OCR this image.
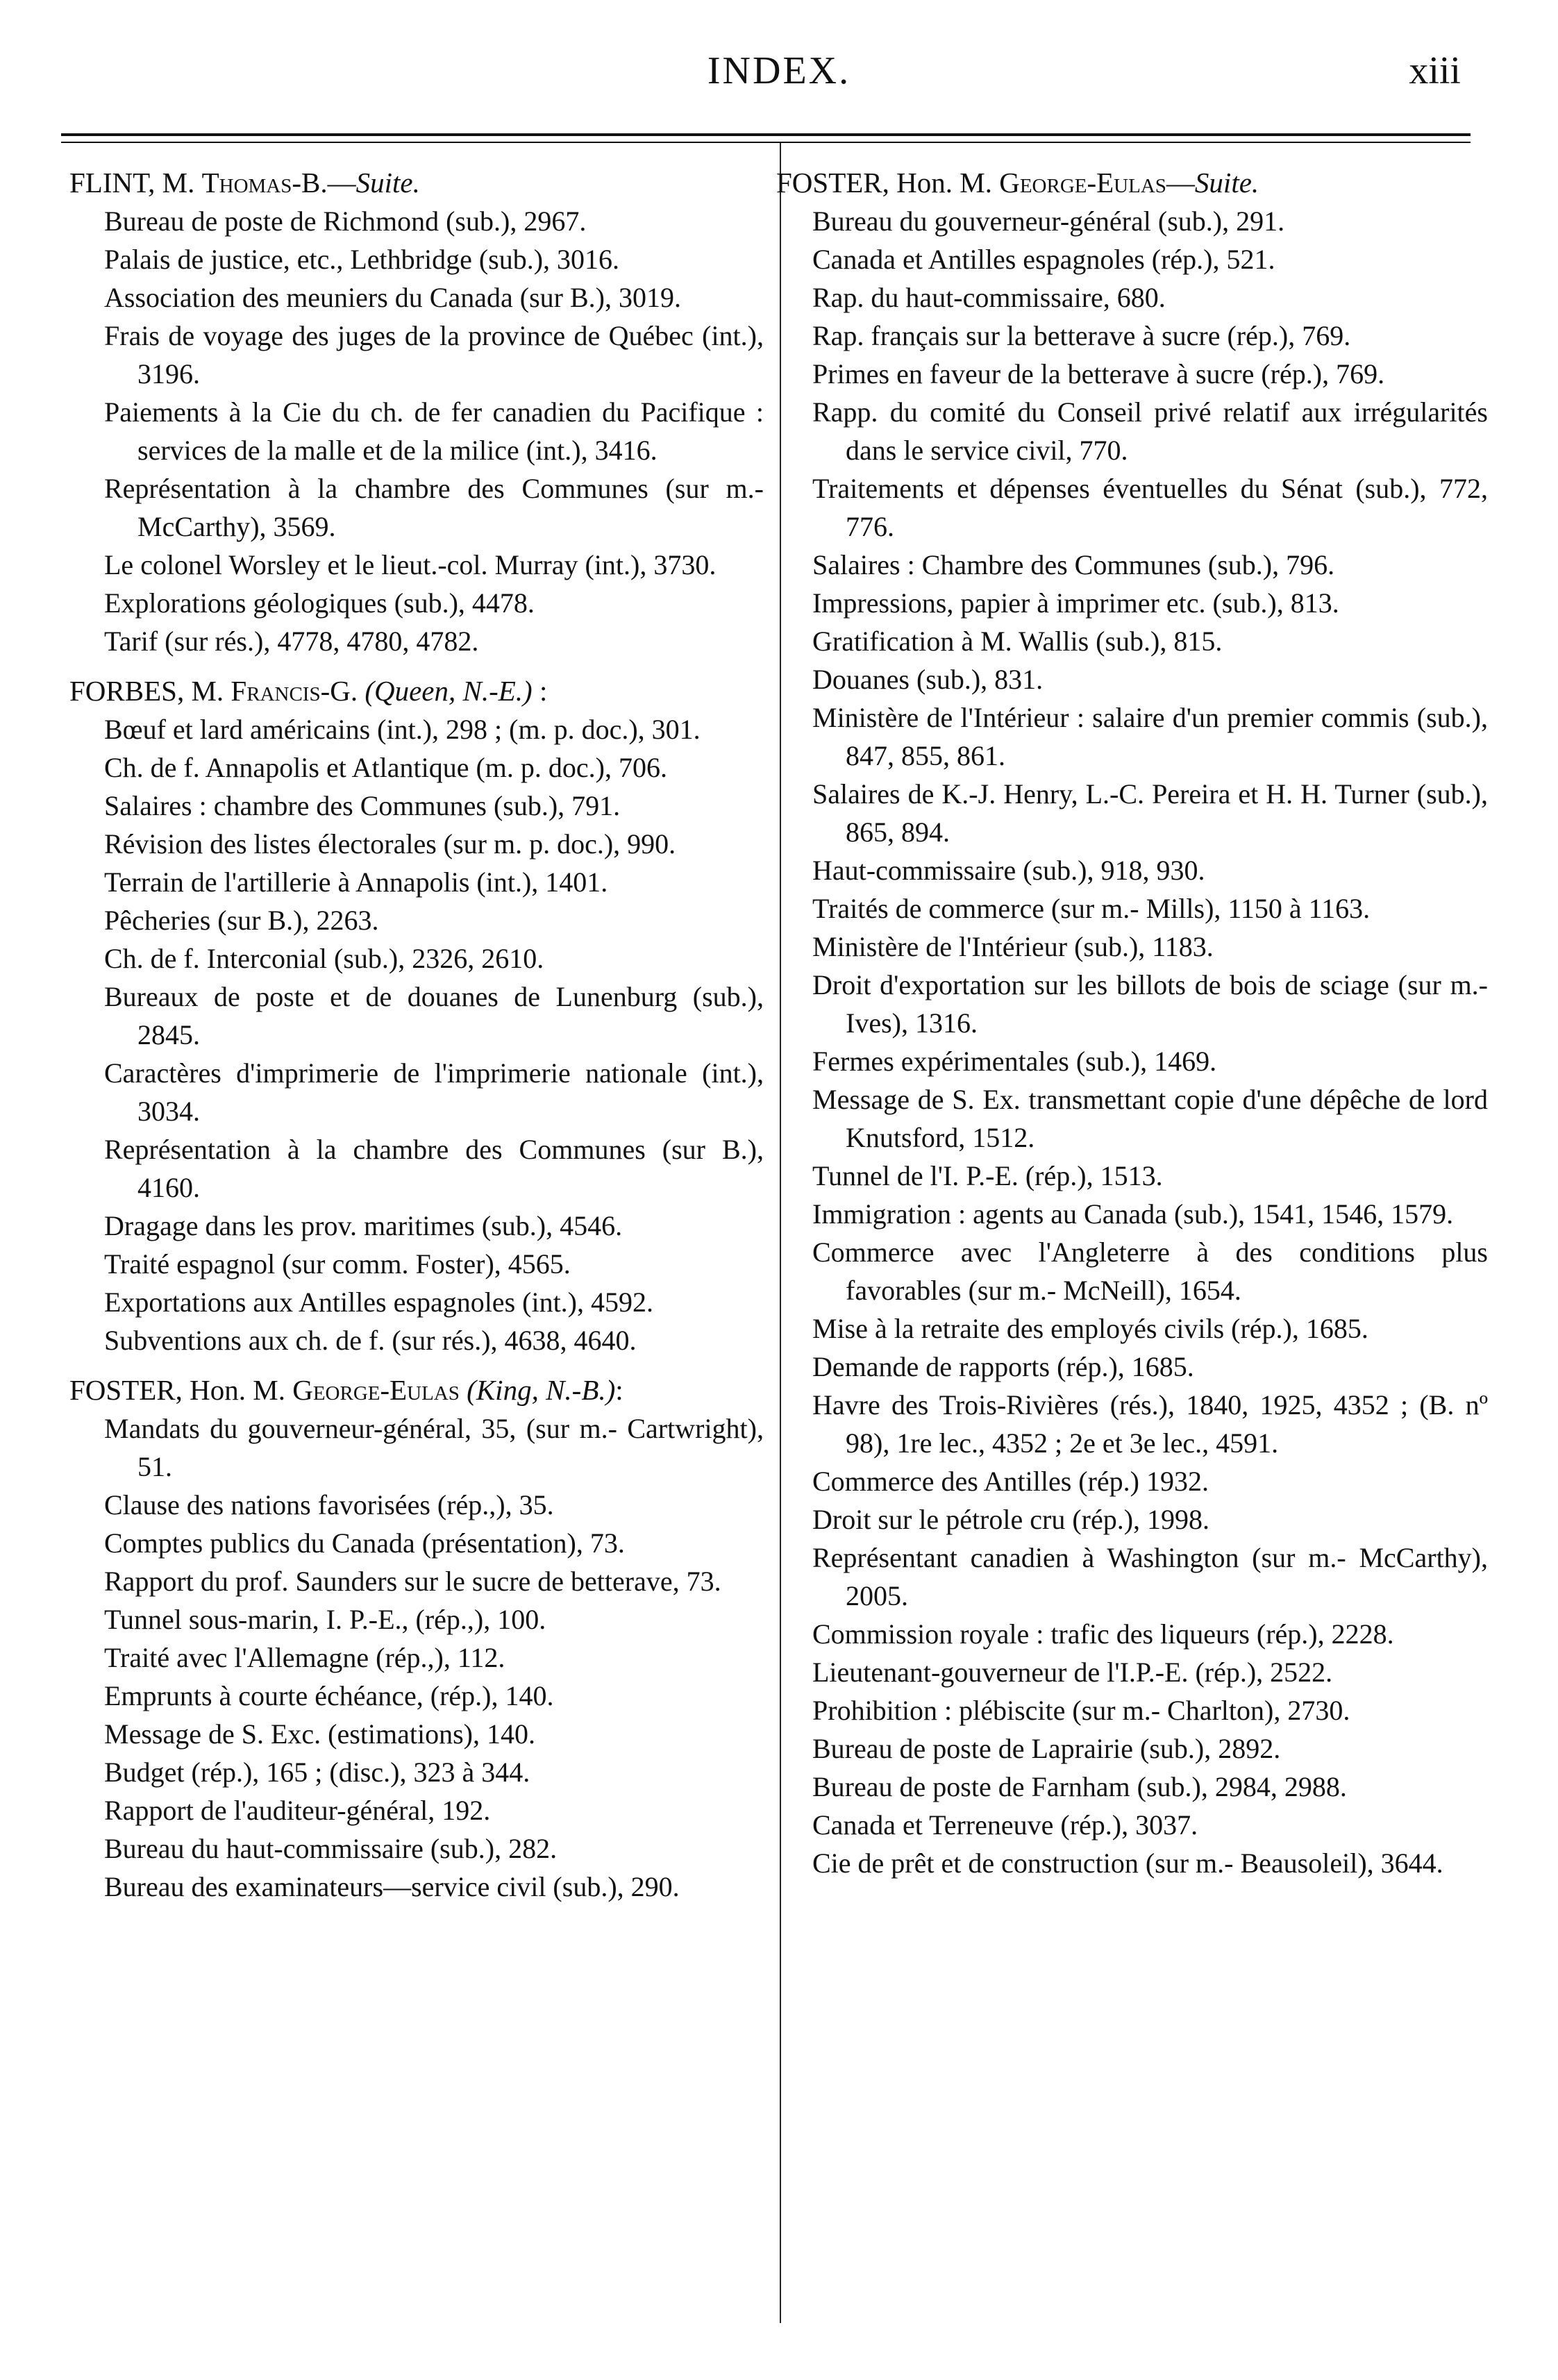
INDEX.	xiii
FLINT, M. Thomas-B.—Suite.

Bureau de poste de Richmond (sub.), 2967.

Palais de justice, etc., Lethbridge (sub.), 3016.

Association des meuniers du Canada (sur B.), 3019.

Frais de voyage des juges de la province de Québec (int.), 3196.

Paiements à la Cie du ch. de fer canadien du Pacifique : services de la malle et de la milice (int.), 3416.

Représentation à la chambre des Communes (sur m.- McCarthy), 3569.

Le colonel Worsley et le lieut.-col. Murray (int.), 3730.

Explorations géologiques (sub.), 4478.

Tarif (sur rés.), 4778, 4780, 4782.

FORBES, M. Francis-G. (Queen, N.-E.) :

Bœuf et lard américains (int.), 298 ; (m. p. doc.), 301.

Ch. de f. Annapolis et Atlantique (m. p. doc.), 706.

Salaires : chambre des Communes (sub.), 791.

Révision des listes électorales (sur m. p. doc.), 990.

Terrain de l'artillerie à Annapolis (int.), 1401.

Pêcheries (sur B.), 2263.

Ch. de f. Interconial (sub.), 2326, 2610.

Bureaux de poste et de douanes de Lunenburg (sub.), 2845.

Caractères d'imprimerie de l'imprimerie nationale (int.), 3034.

Représentation à la chambre des Communes (sur B.), 4160.

Dragage dans les prov. maritimes (sub.), 4546.

Traité espagnol (sur comm. Foster), 4565.

Exportations aux Antilles espagnoles (int.), 4592.

Subventions aux ch. de f. (sur rés.), 4638, 4640.

FOSTER, Hon. M. George-Eulas (King, N.-B.):

Mandats du gouverneur-général, 35, (sur m.- Cartwright), 51.

Clause des nations favorisées (rép.,), 35.

Comptes publics du Canada (présentation), 73.

Rapport du prof. Saunders sur le sucre de betterave, 73.

Tunnel sous-marin, I. P.-E., (rép.,), 100.

Traité avec l'Allemagne (rép.,), 112.

Emprunts à courte échéance, (rép.), 140.

Message de S. Exc. (estimations), 140.

Budget (rép.), 165 ; (disc.), 323 à 344.

Rapport de l'auditeur-général, 192.

Bureau du haut-commissaire (sub.), 282.

Bureau des examinateurs—service civil (sub.), 290.

FOSTER, Hon. M. George-Eulas—Suite.

Bureau du gouverneur-général (sub.), 291.

Canada et Antilles espagnoles (rép.), 521.

Rap. du haut-commissaire, 680.

Rap. français sur la betterave à sucre (rép.), 769.

Primes en faveur de la betterave à sucre (rép.), 769.

Rapp. du comité du Conseil privé relatif aux irrégularités dans le service civil, 770.

Traitements et dépenses éventuelles du Sénat (sub.), 772, 776.

Salaires : Chambre des Communes (sub.), 796.

Impressions, papier à imprimer etc. (sub.), 813.

Gratification à M. Wallis (sub.), 815.

Douanes (sub.), 831.

Ministère de l'Intérieur : salaire d'un premier commis (sub.), 847, 855, 861.

Salaires de K.-J. Henry, L.-C. Pereira et H. H. Turner (sub.), 865, 894.

Haut-commissaire (sub.), 918, 930.

Traités de commerce (sur m.- Mills), 1150 à 1163.

Ministère de l'Intérieur (sub.), 1183.

Droit d'exportation sur les billots de bois de sciage (sur m.- Ives), 1316.

Fermes expérimentales (sub.), 1469.

Message de S. Ex. transmettant copie d'une dépêche de lord Knutsford, 1512.

Tunnel de l'I. P.-E. (rép.), 1513.

Immigration : agents au Canada (sub.), 1541, 1546, 1579.

Commerce avec l'Angleterre à des conditions plus favorables (sur m.- McNeill), 1654.

Mise à la retraite des employés civils (rép.), 1685.

Demande de rapports (rép.), 1685.

Havre des Trois-Rivières (rés.), 1840, 1925, 4352 ; (B. nº 98), 1re lec., 4352 ; 2e et 3e lec., 4591.

Commerce des Antilles (rép.) 1932.

Droit sur le pétrole cru (rép.), 1998.

Représentant canadien à Washington (sur m.- McCarthy), 2005.

Commission royale : trafic des liqueurs (rép.), 2228.

Lieutenant-gouverneur de l'I.P.-E. (rép.), 2522.

Prohibition : plébiscite (sur m.- Charlton), 2730.

Bureau de poste de Laprairie (sub.), 2892.

Bureau de poste de Farnham (sub.), 2984, 2988.

Canada et Terreneuve (rép.), 3037.

Cie de prêt et de construction (sur m.- Beausoleil), 3644.
